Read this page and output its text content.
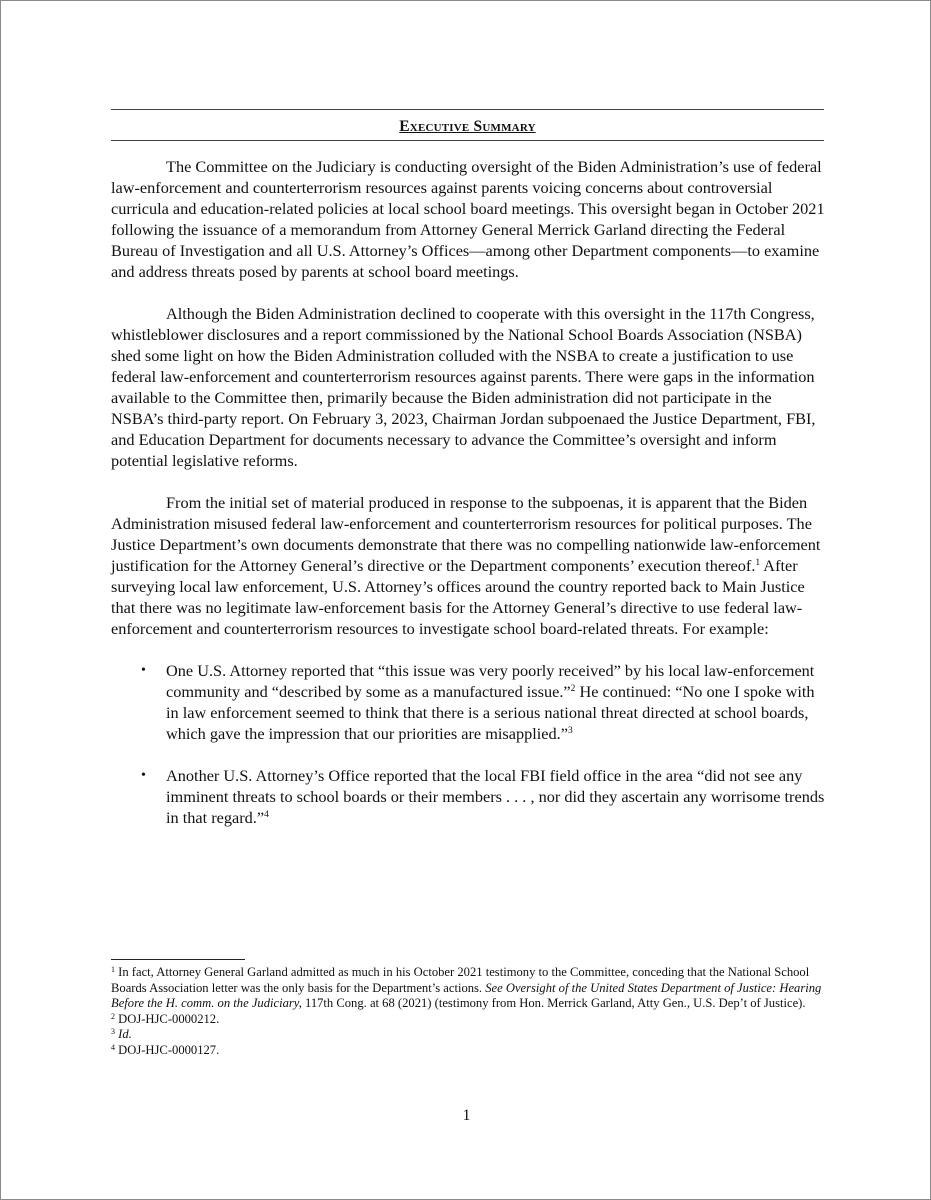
Executive Summary

The Committee on the Judiciary is conducting oversight of the Biden Administration’s use of federal law-enforcement and counterterrorism resources against parents voicing concerns about controversial curricula and education-related policies at local school board meetings. This oversight began in October 2021 following the issuance of a memorandum from Attorney General Merrick Garland directing the Federal Bureau of Investigation and all U.S. Attorney’s Offices—among other Department components—to examine and address threats posed by parents at school board meetings.

Although the Biden Administration declined to cooperate with this oversight in the 117th Congress, whistleblower disclosures and a report commissioned by the National School Boards Association (NSBA) shed some light on how the Biden Administration colluded with the NSBA to create a justification to use federal law-enforcement and counterterrorism resources against parents. There were gaps in the information available to the Committee then, primarily because the Biden administration did not participate in the NSBA’s third-party report. On February 3, 2023, Chairman Jordan subpoenaed the Justice Department, FBI, and Education Department for documents necessary to advance the Committee’s oversight and inform potential legislative reforms.

From the initial set of material produced in response to the subpoenas, it is apparent that the Biden Administration misused federal law-enforcement and counterterrorism resources for political purposes. The Justice Department’s own documents demonstrate that there was no compelling nationwide law-enforcement justification for the Attorney General’s directive or the Department components’ execution thereof.$^1$ After surveying local law enforcement, U.S. Attorney’s offices around the country reported back to Main Justice that there was no legitimate law-enforcement basis for the Attorney General’s directive to use federal law-enforcement and counterterrorism resources to investigate school board-related threats. For example:

• One U.S. Attorney reported that “this issue was very poorly received” by his local law-enforcement community and “described by some as a manufactured issue.”$^2$ He continued: “No one I spoke with in law enforcement seemed to think that there is a serious national threat directed at school boards, which gave the impression that our priorities are misapplied.”$^3$
• Another U.S. Attorney’s Office reported that the local FBI field office in the area “did not see any imminent threats to school boards or their members . . . , nor did they ascertain any worrisome trends in that regard.”$^4$

$^1$ In fact, Attorney General Garland admitted as much in his October 2021 testimony to the Committee, conceding that the National School Boards Association letter was the only basis for the Department’s actions. See Oversight of the United States Department of Justice: Hearing Before the H. comm. on the Judiciary, 117th Cong. at 68 (2021) (testimony from Hon. Merrick Garland, Atty Gen., U.S. Dep’t of Justice).

$^2$ DOJ-HJC-0000212.

$^3$ Id.

$^4$ DOJ-HJC-0000127.

1
